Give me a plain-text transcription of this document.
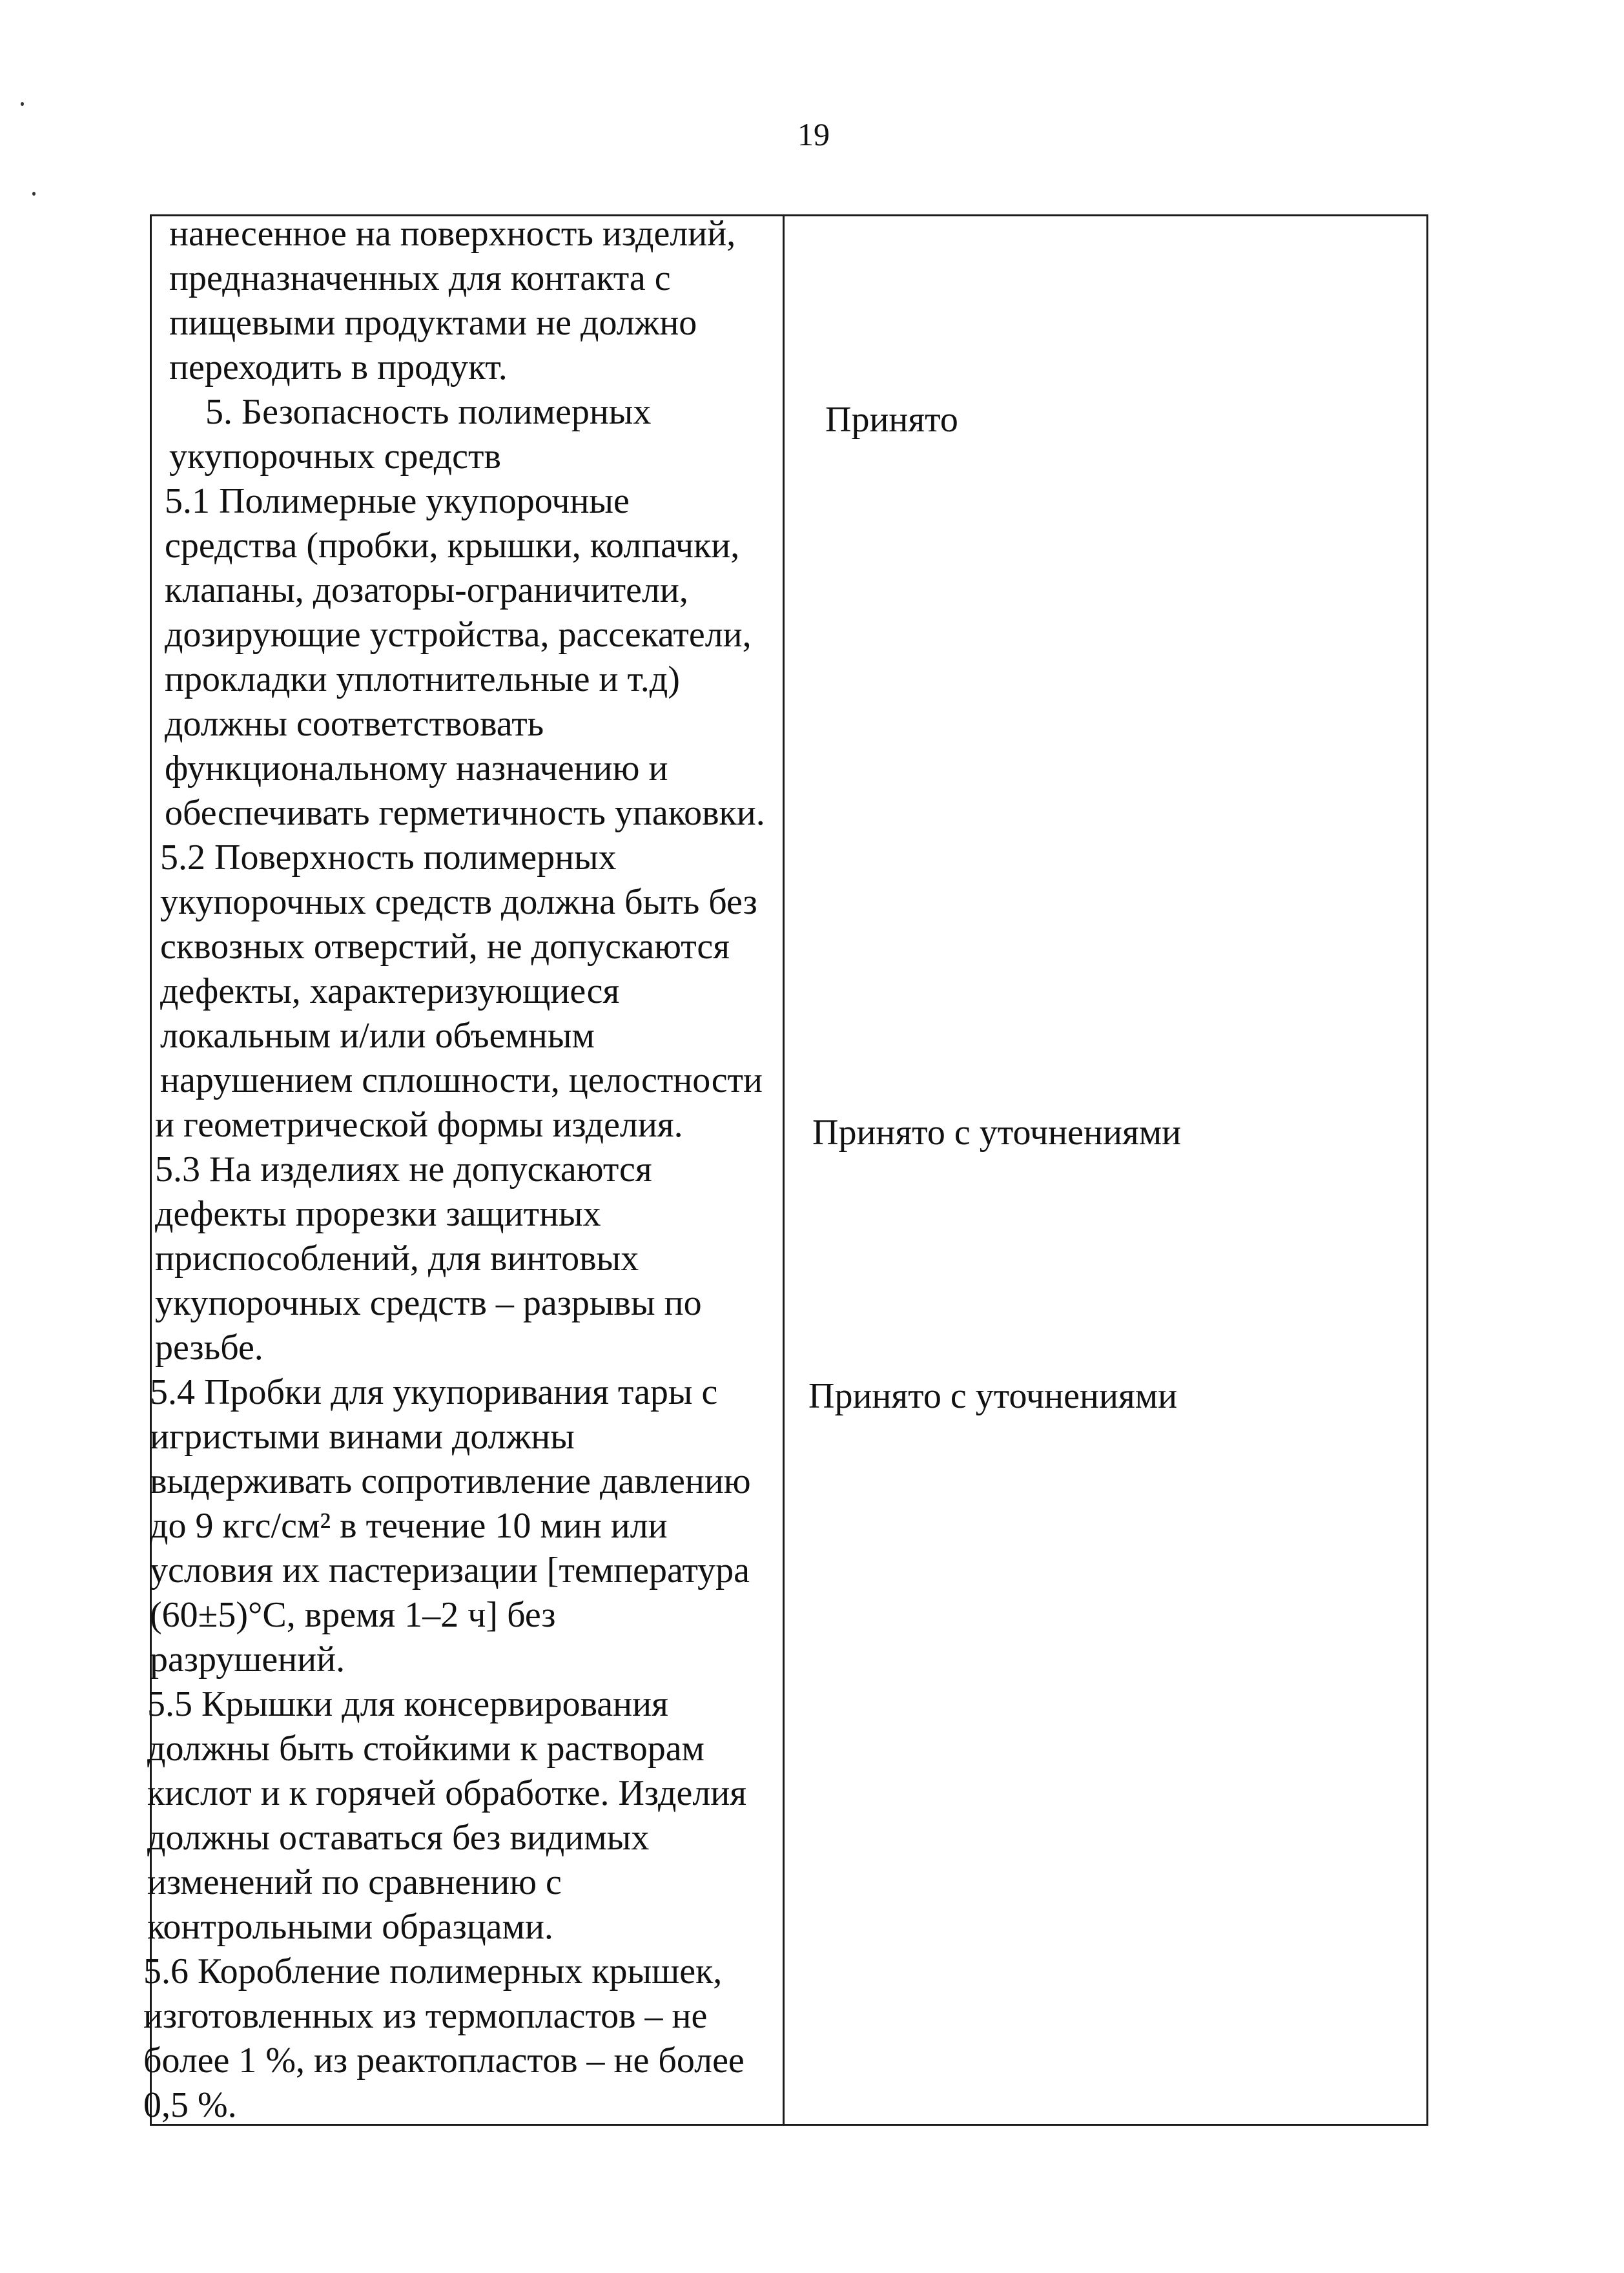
19
нанесенное на поверхность изделий,
предназначенных для контакта с
пищевыми продуктами не должно
переходить в продукт.
5. Безопасность полимерных
укупорочных средств
5.1 Полимерные укупорочные
средства (пробки, крышки, колпачки,
клапаны, дозаторы-ограничители,
дозирующие устройства, рассекатели,
прокладки уплотнительные и т.д)
должны соответствовать
функциональному назначению и
обеспечивать герметичность упаковки.
5.2 Поверхность полимерных
укупорочных средств должна быть без
сквозных отверстий, не допускаются
дефекты, характеризующиеся
локальным и/или объемным
нарушением сплошности, целостности
и геометрической формы изделия.
5.3 На изделиях не допускаются
дефекты прорезки защитных
приспособлений, для винтовых
укупорочных средств – разрывы по
резьбе.
5.4 Пробки для укупоривания тары с
игристыми винами должны
выдерживать сопротивление давлению
до 9 кгс/см² в течение 10 мин или
условия их пастеризации [температура
(60±5)°С, время 1–2 ч] без
разрушений.
5.5 Крышки для консервирования
должны быть стойкими к растворам
кислот и к горячей обработке. Изделия
должны оставаться без видимых
изменений по сравнению с
контрольными образцами.
5.6 Коробление полимерных крышек,
изготовленных из термопластов – не
более 1 %, из реактопластов – не более
0,5 %.
Принято
Принято с уточнениями
Принято с уточнениями
